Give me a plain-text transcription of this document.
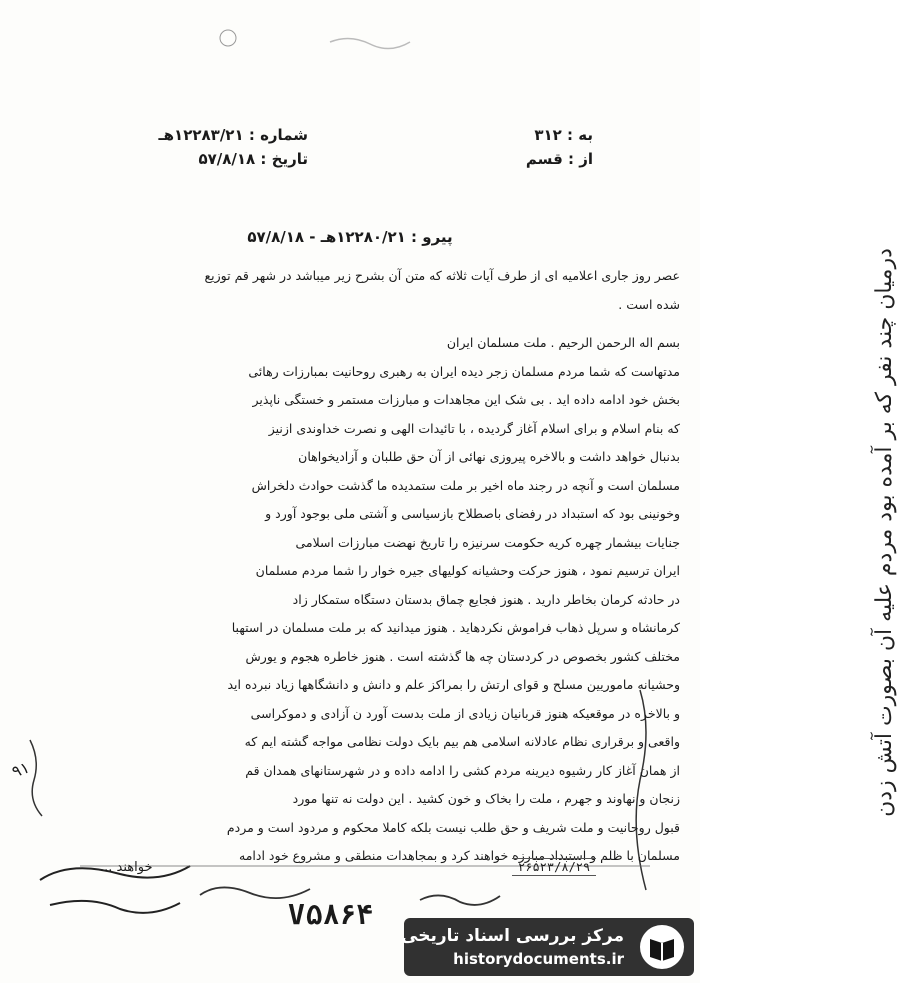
به : ۳۱۲
از : قسم
شماره : ۱۲۲۸۳/۲۱هـ
تاریخ : ۵۷/۸/۱۸
پیرو : ۱۲۲۸۰/۲۱هـ - ۵۷/۸/۱۸
عصر روز جاری اعلامیه ای از طرف آیات ثلاثه که متن آن بشرح زیر میباشد در شهر قم توزیع
شده است .
بسم اله الرحمن الرحیم . ملت مسلمان ایران
مدتهاست که شما مردم مسلمان زجر دیده ایران به رهبری روحانیت بمبارزات رهائی
بخش خود ادامه داده اید . بی شک این مجاهدات و مبارزات مستمر و خستگی ناپذیر
که بنام اسلام و برای اسلام آغاز گردیده ، با تائیدات الهی و نصرت خداوندی ازنیز
بدنبال خواهد داشت و بالاخره پیروزی نهائی از آن حق طلبان و آزادیخواهان
مسلمان است و آنچه در رجند ماه اخیر بر ملت ستمدیده ما گذشت حوادث دلخراش
وخونینی بود که استبداد در رفضای باصطلاح بازسیاسی و آشتی ملی بوجود آورد و
جنایات بیشمار چهره کریه حکومت سرنیزه را تاریخ نهضت مبارزات اسلامی
ایران ترسیم نمود ، هنوز حرکت وحشیانه کولیهای جیره خوار را شما مردم مسلمان
در حادثه کرمان بخاطر دارید . هنوز فجایع چماق بدستان دستگاه ستمکار زاد
کرمانشاه و سرپل ذهاب فراموش نکردهاید . هنوز میدانید که بر ملت مسلمان در استهبا
مختلف کشور بخصوص در کردستان چه ها گذشته است . هنوز خاطره هجوم و یورش
وحشیانه ماموریین مسلح و قوای ارتش را بمراکز علم و دانش و دانشگاهها زیاد نبرده اید
و بالاخره در موقعیکه هنوز قربانیان زیادی از ملت بدست آورد ن آزادی و دموکراسی
واقعی و برقراری نظام عادلانه اسلامی هم بیم بایک دولت نظامی مواجه گشته ایم که
از همان آغاز کار رشیوه دیرینه مردم کشی را ادامه داده و در شهرستانهای همدان قم
زنجان و نهاوند و جهرم ، ملت را بخاک و خون کشید . این دولت نه تنها مورد
قبول روحانیت و ملت شریف و حق طلب نیست بلکه کاملا محکوم و مردود است و مردم
مسلمان با ظلم و استبداد مبارزه خواهند کرد و بمجاهدات منطقی و مشروع خود ادامه
خواهند ...	۲۶۵۲۳/۸/۲۹
V۵۸۶۴
درمیان چند نفر که بر آمده بود مردم علیه آن بصورت آتش زدن
۹۱
مرکز بررسی اسناد تاریخی
historydocuments.ir
